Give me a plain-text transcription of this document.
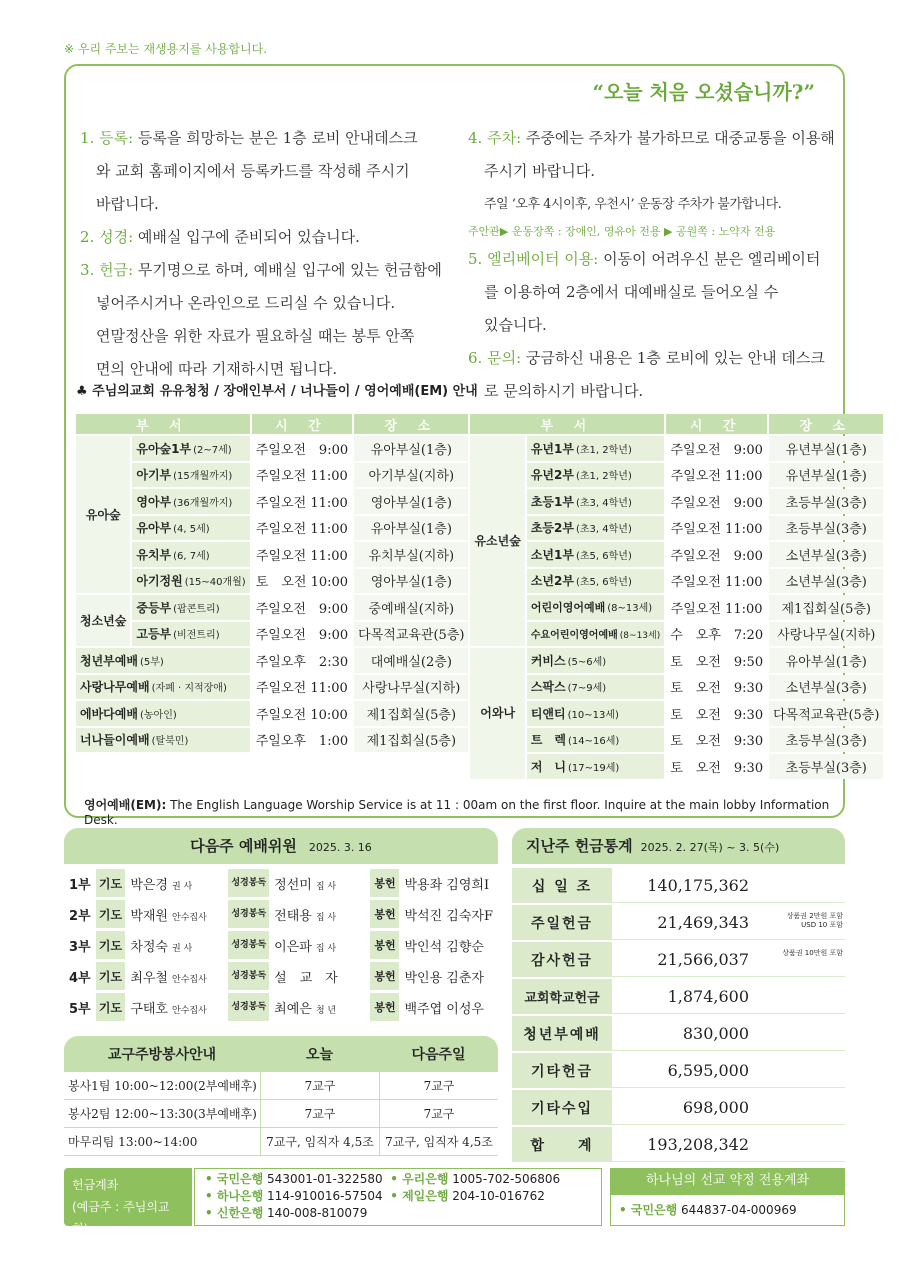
※ 우리 주보는 재생용지를 사용합니다.
“오늘 처음 오셨습니까?”
1. 등록: 등록을 희망하는 분은 1층 로비 안내데스크
와 교회 홈페이지에서 등록카드를 작성해 주시기
바랍니다.
2. 성경: 예배실 입구에 준비되어 있습니다.
3. 헌금: 무기명으로 하며, 예배실 입구에 있는 헌금함에
넣어주시거나 온라인으로 드리실 수 있습니다.
연말정산을 위한 자료가 필요하실 때는 봉투 안쪽
면의 안내에 따라 기재하시면 됩니다.
4. 주차: 주중에는 주차가 불가하므로 대중교통을 이용해
주시기 바랍니다.
주일 ‘오후 4시이후, 우천시’ 운동장 주차가 불가합니다.
주안관▶ 운동장쪽 : 장애인, 영유아 전용 ▶ 공원쪽 : 노약자 전용
5. 엘리베이터 이용: 이동이 어려우신 분은 엘리베이터
를 이용하여 2층에서 대예배실로 들어오실 수
있습니다.
6. 문의: 궁금하신 내용은 1층 로비에 있는 안내 데스크
로 문의하시기 바랍니다.
♣ 주님의교회 유유청청 / 장애인부서 / 너나들이 / 영어예배(EM) 안내
부 서		시 간	장 소	부 서		시 간	장 소
유아숲	유아숲1부 (2~7세)	주일오전　9:00	유아부실(1층)	유소년숲	유년1부 (초1, 2학년)	주일오전　9:00	유년부실(1층)
	아기부 (15개월까지)	주일오전 11:00	아기부실(지하)		유년2부 (초1, 2학년)	주일오전 11:00	유년부실(1층)
	영아부 (36개월까지)	주일오전 11:00	영아부실(1층)		초등1부 (초3, 4학년)	주일오전　9:00	초등부실(3층)
	유아부 (4, 5세)	주일오전 11:00	유아부실(1층)		초등2부 (초3, 4학년)	주일오전 11:00	초등부실(3층)
	유치부 (6, 7세)	주일오전 11:00	유치부실(지하)		소년1부 (초5, 6학년)	주일오전　9:00	소년부실(3층)
	아기정원 (15~40개월)	토　오전 10:00	영아부실(1층)		소년2부 (초5, 6학년)	주일오전 11:00	소년부실(3층)
청소년숲	중등부 (팝콘트리)	주일오전　9:00	중예배실(지하)		어린이영어예배 (8~13세)	주일오전 11:00	제1집회실(5층)
	고등부 (비전트리)	주일오전　9:00	다목적교육관(5층)		수요어린이영어예배 (8~13세)	수　오후　7:20	사랑나무실(지하)
청년부예배 (5부)		주일오후　2:30	대예배실(2층)	어와나	커비스 (5~6세)	토　오전　9:50	유아부실(1층)
사랑나무예배 (자폐 · 지적장애)		주일오전 11:00	사랑나무실(지하)		스팍스 (7~9세)	토　오전　9:30	소년부실(3층)
에바다예배 (농아인)		주일오전 10:00	제1집회실(5층)		티앤티 (10~13세)	토　오전　9:30	다목적교육관(5층)
너나들이예배 (탈북민)		주일오후　1:00	제1집회실(5층)		트　렉 (14~16세)	토　오전　9:30	초등부실(3층)
					저　니 (17~19세)	토　오전　9:30	초등부실(3층)
영어예배(EM): The English Language Worship Service is at 11 : 00am on the first floor. Inquire at the main lobby Information Desk.
다음주 예배위원 2025. 3. 16
1부	기도	박은경 권 사	성경봉독	정선미 집 사	봉헌	박용좌 김영희I
2부	기도	박재원 안수집사	성경봉독	전태용 집 사	봉헌	박석진 김숙자F
3부	기도	차정숙 권 사	성경봉독	이은파 집 사	봉헌	박인석 김향순
4부	기도	최우철 안수집사	성경봉독	설　교　자	봉헌	박인용 김춘자
5부	기도	구태호 안수집사	성경봉독	최예은 청 년	봉헌	백주엽 이성우
교구주방봉사안내	오늘	다음주일
봉사1팀 10:00~12:00(2부예배후)	7교구	7교구
봉사2팀 12:00~13:30(3부예배후)	7교구	7교구
마무리팀 13:00~14:00	7교구, 임직자 4,5조	7교구, 임직자 4,5조
지난주 헌금통계 2025. 2. 27(목) ~ 3. 5(수)
십 일 조	140,175,362
주일헌금	21,469,343 상품권 2만원 포함
USD 10 포함

감사헌금	21,566,037 상품권 10만원 포함

교회학교헌금	1,874,600
청년부예배	830,000
기타헌금	6,595,000
기타수입	698,000
합　　계	193,208,342
헌금계좌
(예금주 : 주님의교회)
• 국민은행 543001-01-322580 • 우리은행 1005-702-506806
• 하나은행 114-910016-57504 • 제일은행 204-10-016762
• 신한은행 140-008-810079
하나님의 선교 약정 전용계좌
• 국민은행 644837-04-000969
